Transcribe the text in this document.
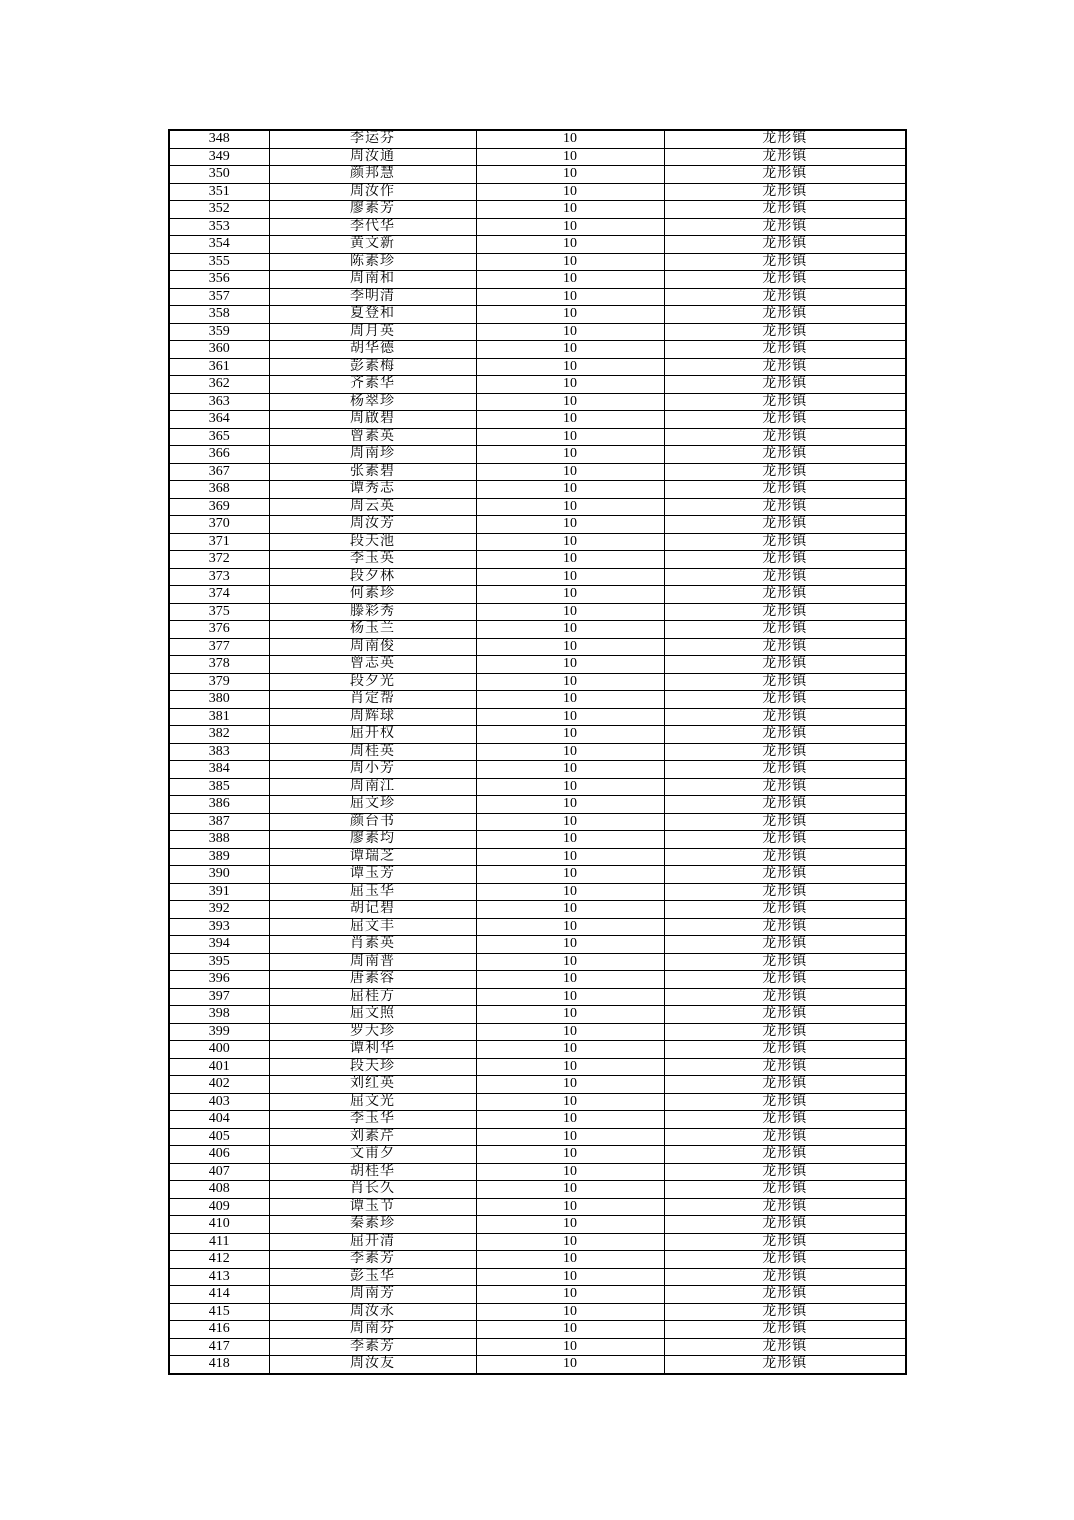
348	李运芬	10	龙形镇
349	周汝通	10	龙形镇
350	颜邦慧	10	龙形镇
351	周汝作	10	龙形镇
352	廖素芳	10	龙形镇
353	李代华	10	龙形镇
354	黄文新	10	龙形镇
355	陈素珍	10	龙形镇
356	周南和	10	龙形镇
357	李明清	10	龙形镇
358	夏登和	10	龙形镇
359	周月英	10	龙形镇
360	胡华德	10	龙形镇
361	彭素梅	10	龙形镇
362	齐素华	10	龙形镇
363	杨翠珍	10	龙形镇
364	周啟碧	10	龙形镇
365	曾素英	10	龙形镇
366	周南珍	10	龙形镇
367	张素碧	10	龙形镇
368	谭秀志	10	龙形镇
369	周云英	10	龙形镇
370	周汝芳	10	龙形镇
371	段天池	10	龙形镇
372	李玉英	10	龙形镇
373	段夕林	10	龙形镇
374	何素珍	10	龙形镇
375	滕彩秀	10	龙形镇
376	杨玉兰	10	龙形镇
377	周南俊	10	龙形镇
378	曾志英	10	龙形镇
379	段夕光	10	龙形镇
380	肖定帮	10	龙形镇
381	周辉球	10	龙形镇
382	屈开权	10	龙形镇
383	周桂英	10	龙形镇
384	周小芳	10	龙形镇
385	周南江	10	龙形镇
386	屈文珍	10	龙形镇
387	颜台书	10	龙形镇
388	廖素均	10	龙形镇
389	谭瑞芝	10	龙形镇
390	谭玉芳	10	龙形镇
391	屈玉华	10	龙形镇
392	胡记碧	10	龙形镇
393	屈文丰	10	龙形镇
394	肖素英	10	龙形镇
395	周南普	10	龙形镇
396	唐素容	10	龙形镇
397	屈桂方	10	龙形镇
398	屈文照	10	龙形镇
399	罗大珍	10	龙形镇
400	谭利华	10	龙形镇
401	段天珍	10	龙形镇
402	刘红英	10	龙形镇
403	屈文光	10	龙形镇
404	李玉华	10	龙形镇
405	刘素芹	10	龙形镇
406	文甫夕	10	龙形镇
407	胡桂华	10	龙形镇
408	肖长久	10	龙形镇
409	谭玉节	10	龙形镇
410	秦素珍	10	龙形镇
411	屈开清	10	龙形镇
412	李素芳	10	龙形镇
413	彭玉华	10	龙形镇
414	周南芳	10	龙形镇
415	周汝永	10	龙形镇
416	周南芬	10	龙形镇
417	李素芳	10	龙形镇
418	周汝友	10	龙形镇
